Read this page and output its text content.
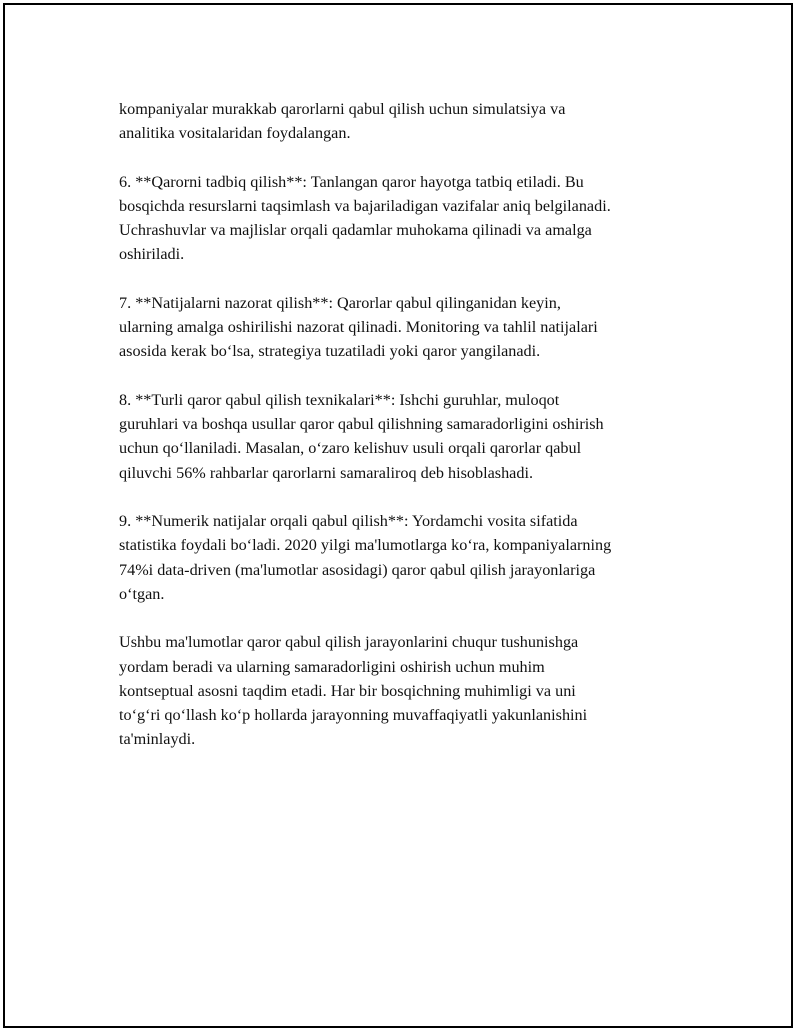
kompaniyalar murakkab qarorlarni qabul qilish uchun simulatsiya va
analitika vositalaridan foydalangan.

6. **Qarorni tadbiq qilish**: Tanlangan qaror hayotga tatbiq etiladi. Bu
bosqichda resurslarni taqsimlash va bajariladigan vazifalar aniq belgilanadi.
Uchrashuvlar va majlislar orqali qadamlar muhokama qilinadi va amalga
oshiriladi.

7. **Natijalarni nazorat qilish**: Qarorlar qabul qilinganidan keyin,
ularning amalga oshirilishi nazorat qilinadi. Monitoring va tahlil natijalari
asosida kerak bo‘lsa, strategiya tuzatiladi yoki qaror yangilanadi.

8. **Turli qaror qabul qilish texnikalari**: Ishchi guruhlar, muloqot
guruhlari va boshqa usullar qaror qabul qilishning samaradorligini oshirish
uchun qo‘llaniladi. Masalan, o‘zaro kelishuv usuli orqali qarorlar qabul
qiluvchi 56% rahbarlar qarorlarni samaraliroq deb hisoblashadi.

9. **Numerik natijalar orqali qabul qilish**: Yordamchi vosita sifatida
statistika foydali bo‘ladi. 2020 yilgi ma'lumotlarga ko‘ra, kompaniyalarning
74%i data-driven (ma'lumotlar asosidagi) qaror qabul qilish jarayonlariga
o‘tgan.

Ushbu ma'lumotlar qaror qabul qilish jarayonlarini chuqur tushunishga
yordam beradi va ularning samaradorligini oshirish uchun muhim
kontseptual asosni taqdim etadi. Har bir bosqichning muhimligi va uni
to‘g‘ri qo‘llash ko‘p hollarda jarayonning muvaffaqiyatli yakunlanishini
ta'minlaydi.
